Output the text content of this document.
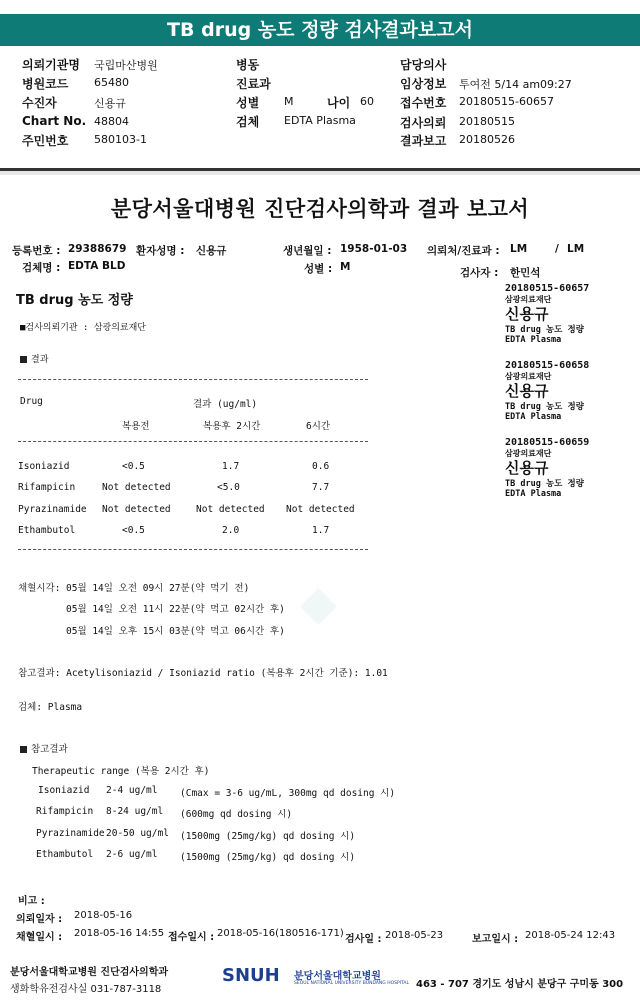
TB drug 농도 정량 검사결과보고서
의뢰기관명 국립마산병원
병원코드 65480
수진자	신용규
Chart No. 48804
주민번호 580103-1
병동
진료과
성별 M	나이 60
검체 EDTA Plasma
담당의사
임상정보 투여전 5/14 am09:27
접수번호 20180515-60657
검사의뢰 20180515
결과보고 20180526
◆
분당서울대병원 진단검사의학과 결과 보고서
등록번호 : 29388679 환자성명 : 신용규	생년월일 : 1958-01-03 의뢰처/진료과 : LM	/ LM
검체명 : EDTA BLD	성별 : M	검사자 : 한민석
TB drug 농도 정량
■검사의뢰기관 : 삼광의료재단
결과
Drug	결과 (ug/ml)
복용전	복용후 2시간	6시간
Isoniazid	<0.5	1.7	0.6
Rifampicin	Not detected	<5.0	7.7
Pyrazinamide Not detected	Not detected Not detected
Ethambutol	<0.5	2.0	1.7
채혈시각: 05월 14일 오전 09시 27분(약 먹기 전)
05월 14일 오전 11시 22분(약 먹고 02시간 후)
05월 14일 오후 15시 03분(약 먹고 06시간 후)
참고결과: Acetylisoniazid / Isoniazid ratio (복용후 2시간 기준): 1.01
검체: Plasma
참고결과
Therapeutic range (복용 2시간 후)
Isoniazid 2-4 ug/ml (Cmax = 3-6 ug/mL, 300mg qd dosing 시)
Rifampicin 8-24 ug/ml (600mg qd dosing 시)
Pyrazinamide 20-50 ug/ml (1500mg (25mg/kg) qd dosing 시)
Ethambutol 2-6 ug/ml (1500mg (25mg/kg) qd dosing 시)
비고 :
의뢰일자 : 2018-05-16
채혈일시 : 2018-05-16 14:55 접수일시 : 2018-05-16(180516-171)
검사일 : 2018-05-23	보고일시 : 2018-05-24 12:43
분당서울대학교병원 진단검사의학과
생화학유전검사실 031-787-3118
SNUH 분당서울대학교병원
SEOUL NATIONAL UNIVERSITY BUNDANG HOSPITAL 463 - 707 경기도 성남시 분당구 구미동 300
20180515-60657
삼광의료재단
신용규
TB drug 농도 정량
EDTA Plasma
20180515-60658
삼광의료재단
신용규
TB drug 농도 정량
EDTA Plasma
20180515-60659
삼광의료재단
신용규
TB drug 농도 정량
EDTA Plasma
